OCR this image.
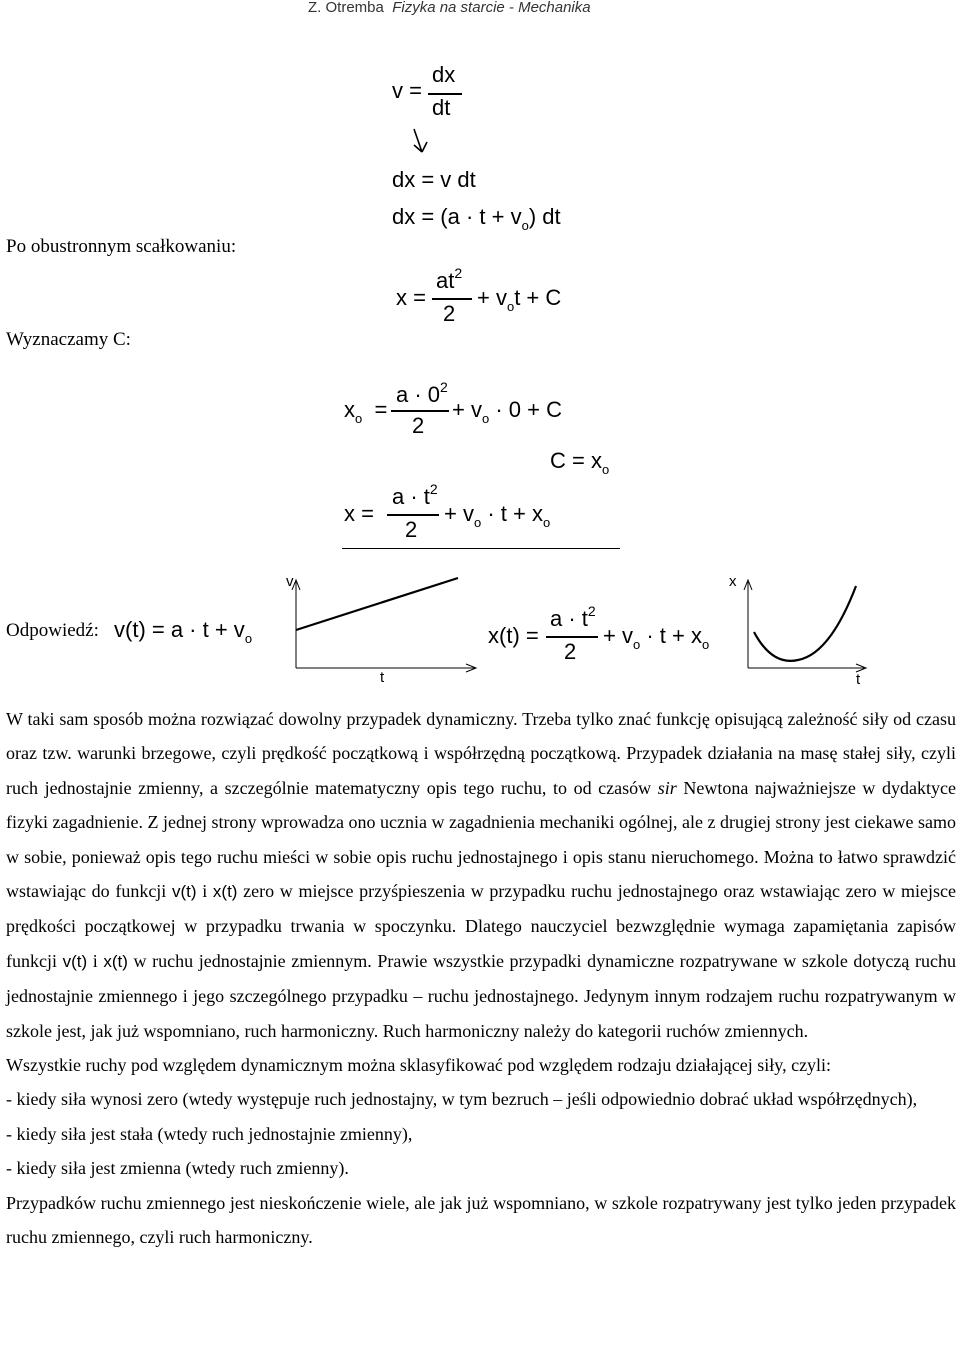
Z. Otremba Fizyka na starcie - Mechanika
v =
dx
dt
dx = v dt
dx = $(a \cdot t + v_o)$ dt
Po obustronnym scałkowaniu:
x =
$at^2$
2
+ $v_ot + C$
Wyznaczamy C:
$x_o$ =
$a \cdot 0^2$
2
+ $v_o \cdot 0 + C$
$C = x_o$
x =
$a \cdot t^2$
2
+ $v_o \cdot t + x_o$
Odpowiedź: $v(t) = a \cdot t + v_o$
v
t
x(t) =
$a \cdot t^2$
2
+ $v_o \cdot t + x_o$
x
t

W taki sam sposób można rozwiązać dowolny przypadek dynamiczny. Trzeba tylko znać funkcję opisującą zależność siły od czasu oraz tzw. warunki brzegowe, czyli prędkość początkową i współrzędną początkową. Przypadek działania na masę stałej siły, czyli ruch jednostajnie zmienny, a szczególnie matematyczny opis tego ruchu, to od czasów sir Newtona najważniejsze w dydaktyce fizyki zagadnienie. Z jednej strony wprowadza ono ucznia w zagadnienia mechaniki ogólnej, ale z drugiej strony jest ciekawe samo w sobie, ponieważ opis tego ruchu mieści w sobie opis ruchu jednostajnego i opis stanu nieruchomego. Można to łatwo sprawdzić wstawiając do funkcji v(t) i x(t) zero w miejsce przyśpieszenia w przypadku ruchu jednostajnego oraz wstawiając zero w miejsce prędkości początkowej w przypadku trwania w spoczynku. Dlatego nauczyciel bezwzględnie wymaga zapamiętania zapisów funkcji v(t) i x(t) w ruchu jednostajnie zmiennym. Prawie wszystkie przypadki dynamiczne rozpatrywane w szkole dotyczą ruchu jednostajnie zmiennego i jego szczególnego przypadku – ruchu jednostajnego. Jedynym innym rodzajem ruchu rozpatrywanym w szkole jest, jak już wspomniano, ruch harmoniczny. Ruch harmoniczny należy do kategorii ruchów zmiennych.

Wszystkie ruchy pod względem dynamicznym można sklasyfikować pod względem rodzaju działającej siły, czyli:

- kiedy siła wynosi zero (wtedy występuje ruch jednostajny, w tym bezruch – jeśli odpowiednio dobrać układ współrzędnych),

- kiedy siła jest stała (wtedy ruch jednostajnie zmienny),

- kiedy siła jest zmienna (wtedy ruch zmienny).

Przypadków ruchu zmiennego jest nieskończenie wiele, ale jak już wspomniano, w szkole rozpatrywany jest tylko jeden przypadek ruchu zmiennego, czyli ruch harmoniczny.
